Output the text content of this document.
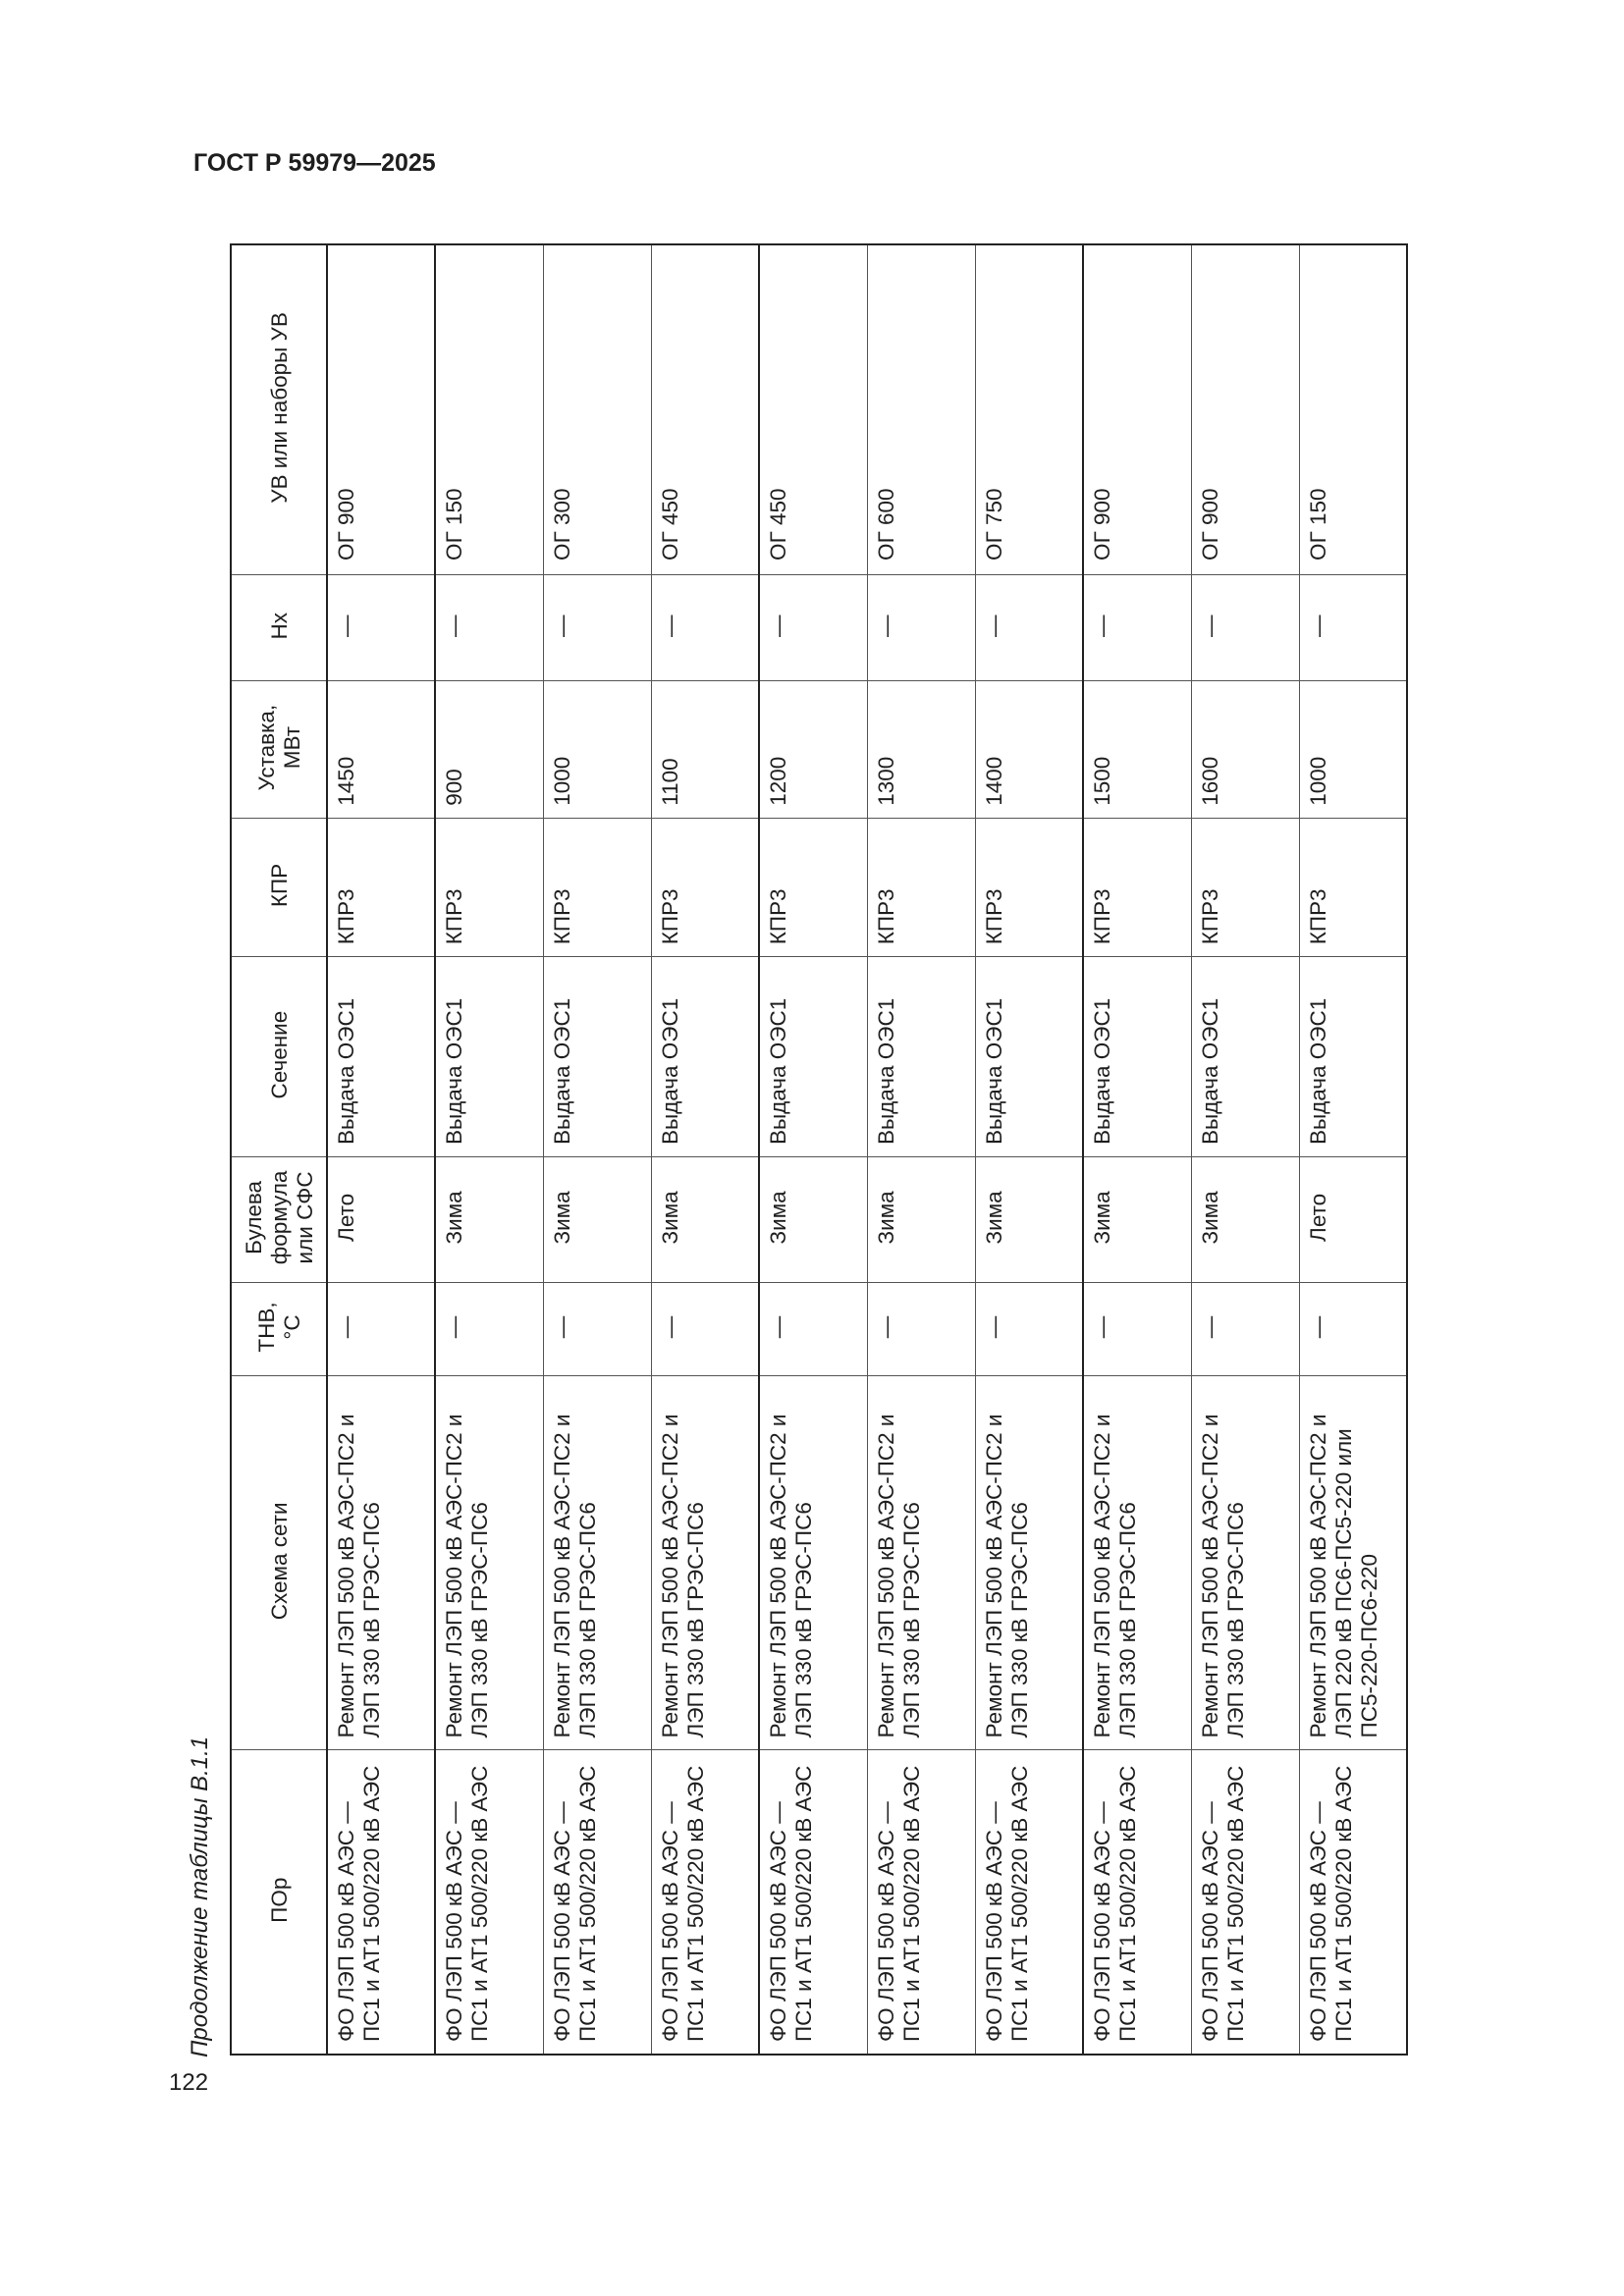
ГОСТ Р 59979—2025
122
Продолжение таблицы В.1.1 ПОр	Схема сети	ТНВ, °С	Булева формула или СФС	Сечение	КПР	Уставка, МВт	Нх	УВ или наборы УВ
ФО ЛЭП 500 кВ АЭС — ПС1 и АТ1 500/220 кВ АЭС	Ремонт ЛЭП 500 кВ АЭС-ПС2 и ЛЭП 330 кВ ГРЭС-ПС6	—	Лето	Выдача ОЭС1	КПР3	1450	—	ОГ 900
ФО ЛЭП 500 кВ АЭС — ПС1 и АТ1 500/220 кВ АЭС	Ремонт ЛЭП 500 кВ АЭС-ПС2 и ЛЭП 330 кВ ГРЭС-ПС6	—	Зима	Выдача ОЭС1	КПР3	900	—	ОГ 150
ФО ЛЭП 500 кВ АЭС — ПС1 и АТ1 500/220 кВ АЭС	Ремонт ЛЭП 500 кВ АЭС-ПС2 и ЛЭП 330 кВ ГРЭС-ПС6	—	Зима	Выдача ОЭС1	КПР3	1000	—	ОГ 300
ФО ЛЭП 500 кВ АЭС — ПС1 и АТ1 500/220 кВ АЭС	Ремонт ЛЭП 500 кВ АЭС-ПС2 и ЛЭП 330 кВ ГРЭС-ПС6	—	Зима	Выдача ОЭС1	КПР3	1100	—	ОГ 450
ФО ЛЭП 500 кВ АЭС — ПС1 и АТ1 500/220 кВ АЭС	Ремонт ЛЭП 500 кВ АЭС-ПС2 и ЛЭП 330 кВ ГРЭС-ПС6	—	Зима	Выдача ОЭС1	КПР3	1200	—	ОГ 450
ФО ЛЭП 500 кВ АЭС — ПС1 и АТ1 500/220 кВ АЭС	Ремонт ЛЭП 500 кВ АЭС-ПС2 и ЛЭП 330 кВ ГРЭС-ПС6	—	Зима	Выдача ОЭС1	КПР3	1300	—	ОГ 600
ФО ЛЭП 500 кВ АЭС — ПС1 и АТ1 500/220 кВ АЭС	Ремонт ЛЭП 500 кВ АЭС-ПС2 и ЛЭП 330 кВ ГРЭС-ПС6	—	Зима	Выдача ОЭС1	КПР3	1400	—	ОГ 750
ФО ЛЭП 500 кВ АЭС — ПС1 и АТ1 500/220 кВ АЭС	Ремонт ЛЭП 500 кВ АЭС-ПС2 и ЛЭП 330 кВ ГРЭС-ПС6	—	Зима	Выдача ОЭС1	КПР3	1500	—	ОГ 900
ФО ЛЭП 500 кВ АЭС — ПС1 и АТ1 500/220 кВ АЭС	Ремонт ЛЭП 500 кВ АЭС-ПС2 и ЛЭП 330 кВ ГРЭС-ПС6	—	Зима	Выдача ОЭС1	КПР3	1600	—	ОГ 900
ФО ЛЭП 500 кВ АЭС — ПС1 и АТ1 500/220 кВ АЭС	Ремонт ЛЭП 500 кВ АЭС-ПС2 и ЛЭП 220 кВ ПС6-ПС5-220 или ПС5-220-ПС6-220	—	Лето	Выдача ОЭС1	КПР3	1000	—	ОГ 150
